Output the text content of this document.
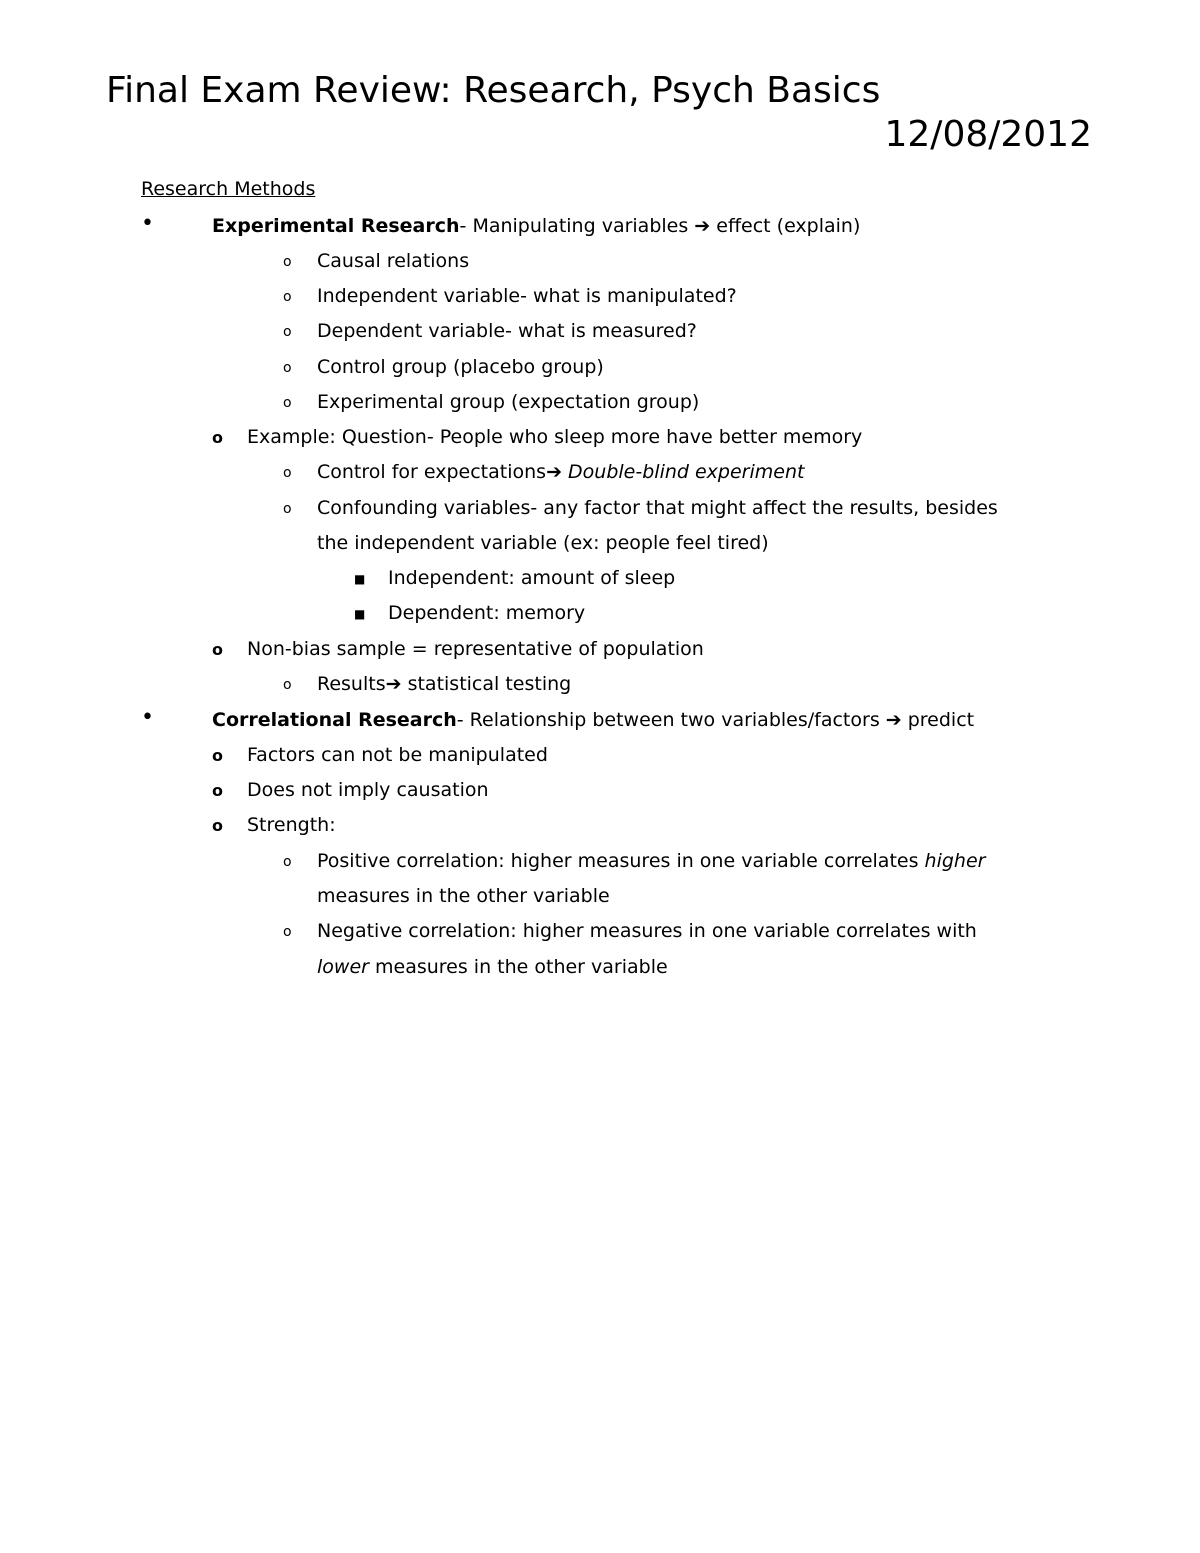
Final Exam Review: Research, Psych Basics
12/08/2012
Research Methods
•	Experimental Research- Manipulating variables ➔ effect (explain)
o Causal relations
o Independent variable- what is manipulated?
o Dependent variable- what is measured?
o Control group (placebo group)
o Experimental group (expectation group)
o Example: Question- People who sleep more have better memory
o Control for expectations➔ Double-blind experiment
o Confounding variables- any factor that might affect the results, besides
the independent variable (ex: people feel tired)
■ Independent: amount of sleep
■ Dependent: memory
o Non-bias sample = representative of population
o Results➔ statistical testing
•	Correlational Research- Relationship between two variables/factors ➔ predict
o Factors can not be manipulated
o Does not imply causation
o Strength:
o Positive correlation: higher measures in one variable correlates higher
measures in the other variable
o Negative correlation: higher measures in one variable correlates with
lower measures in the other variable
